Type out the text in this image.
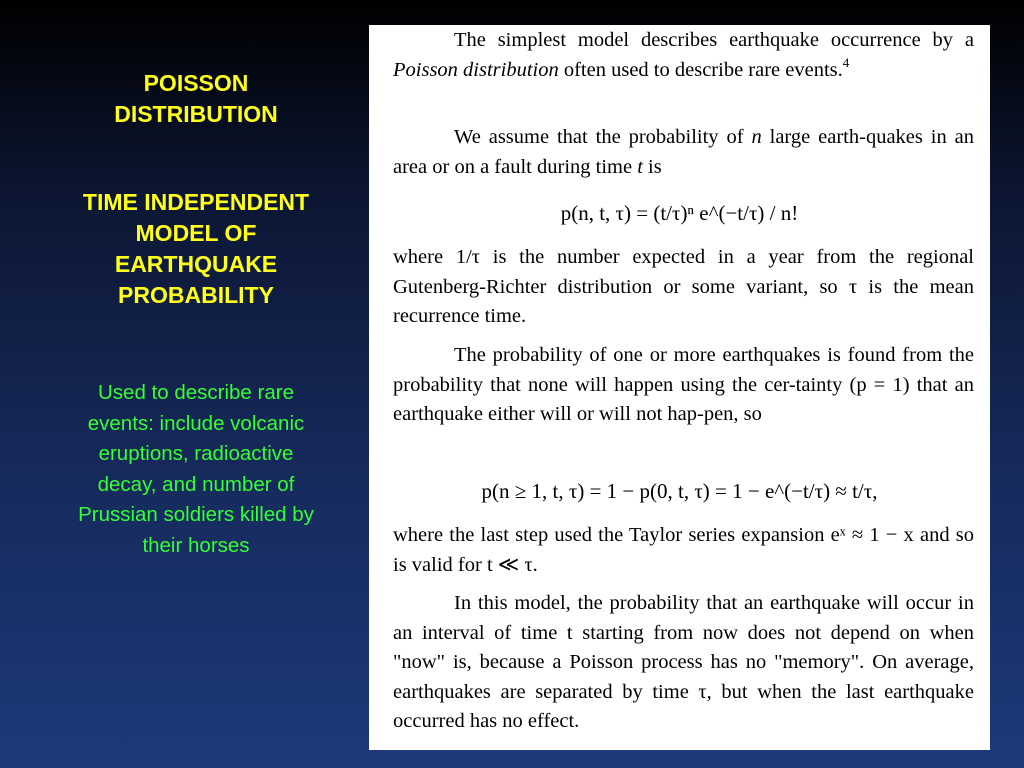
POISSON
DISTRIBUTION

TIME INDEPENDENT
MODEL OF
EARTHQUAKE
PROBABILITY

Used to describe rare
events: include volcanic
eruptions, radioactive
decay, and number of
Prussian soldiers killed by
their horses

The simplest model describes earthquake occurrence by a Poisson distribution often used to describe rare events.$^4$

We assume that the probability of n large earth-quakes in an area or on a fault during time t is

p(n, t, τ) = (t/τ)ⁿ e^(−t/τ) / n!

where 1/τ is the number expected in a year from the regional Gutenberg-Richter distribution or some variant, so τ is the mean recurrence time.

The probability of one or more earthquakes is found from the probability that none will happen using the cer-tainty (p = 1) that an earthquake either will or will not hap-pen, so

p(n ≥ 1, t, τ) = 1 − p(0, t, τ) = 1 − e^(−t/τ) ≈ t/τ,

where the last step used the Taylor series expansion eˣ ≈ 1 − x and so is valid for t ≪ τ.

In this model, the probability that an earthquake will occur in an interval of time t starting from now does not depend on when "now" is, because a Poisson process has no "memory". On average, earthquakes are separated by time τ, but when the last earthquake occurred has no effect.
